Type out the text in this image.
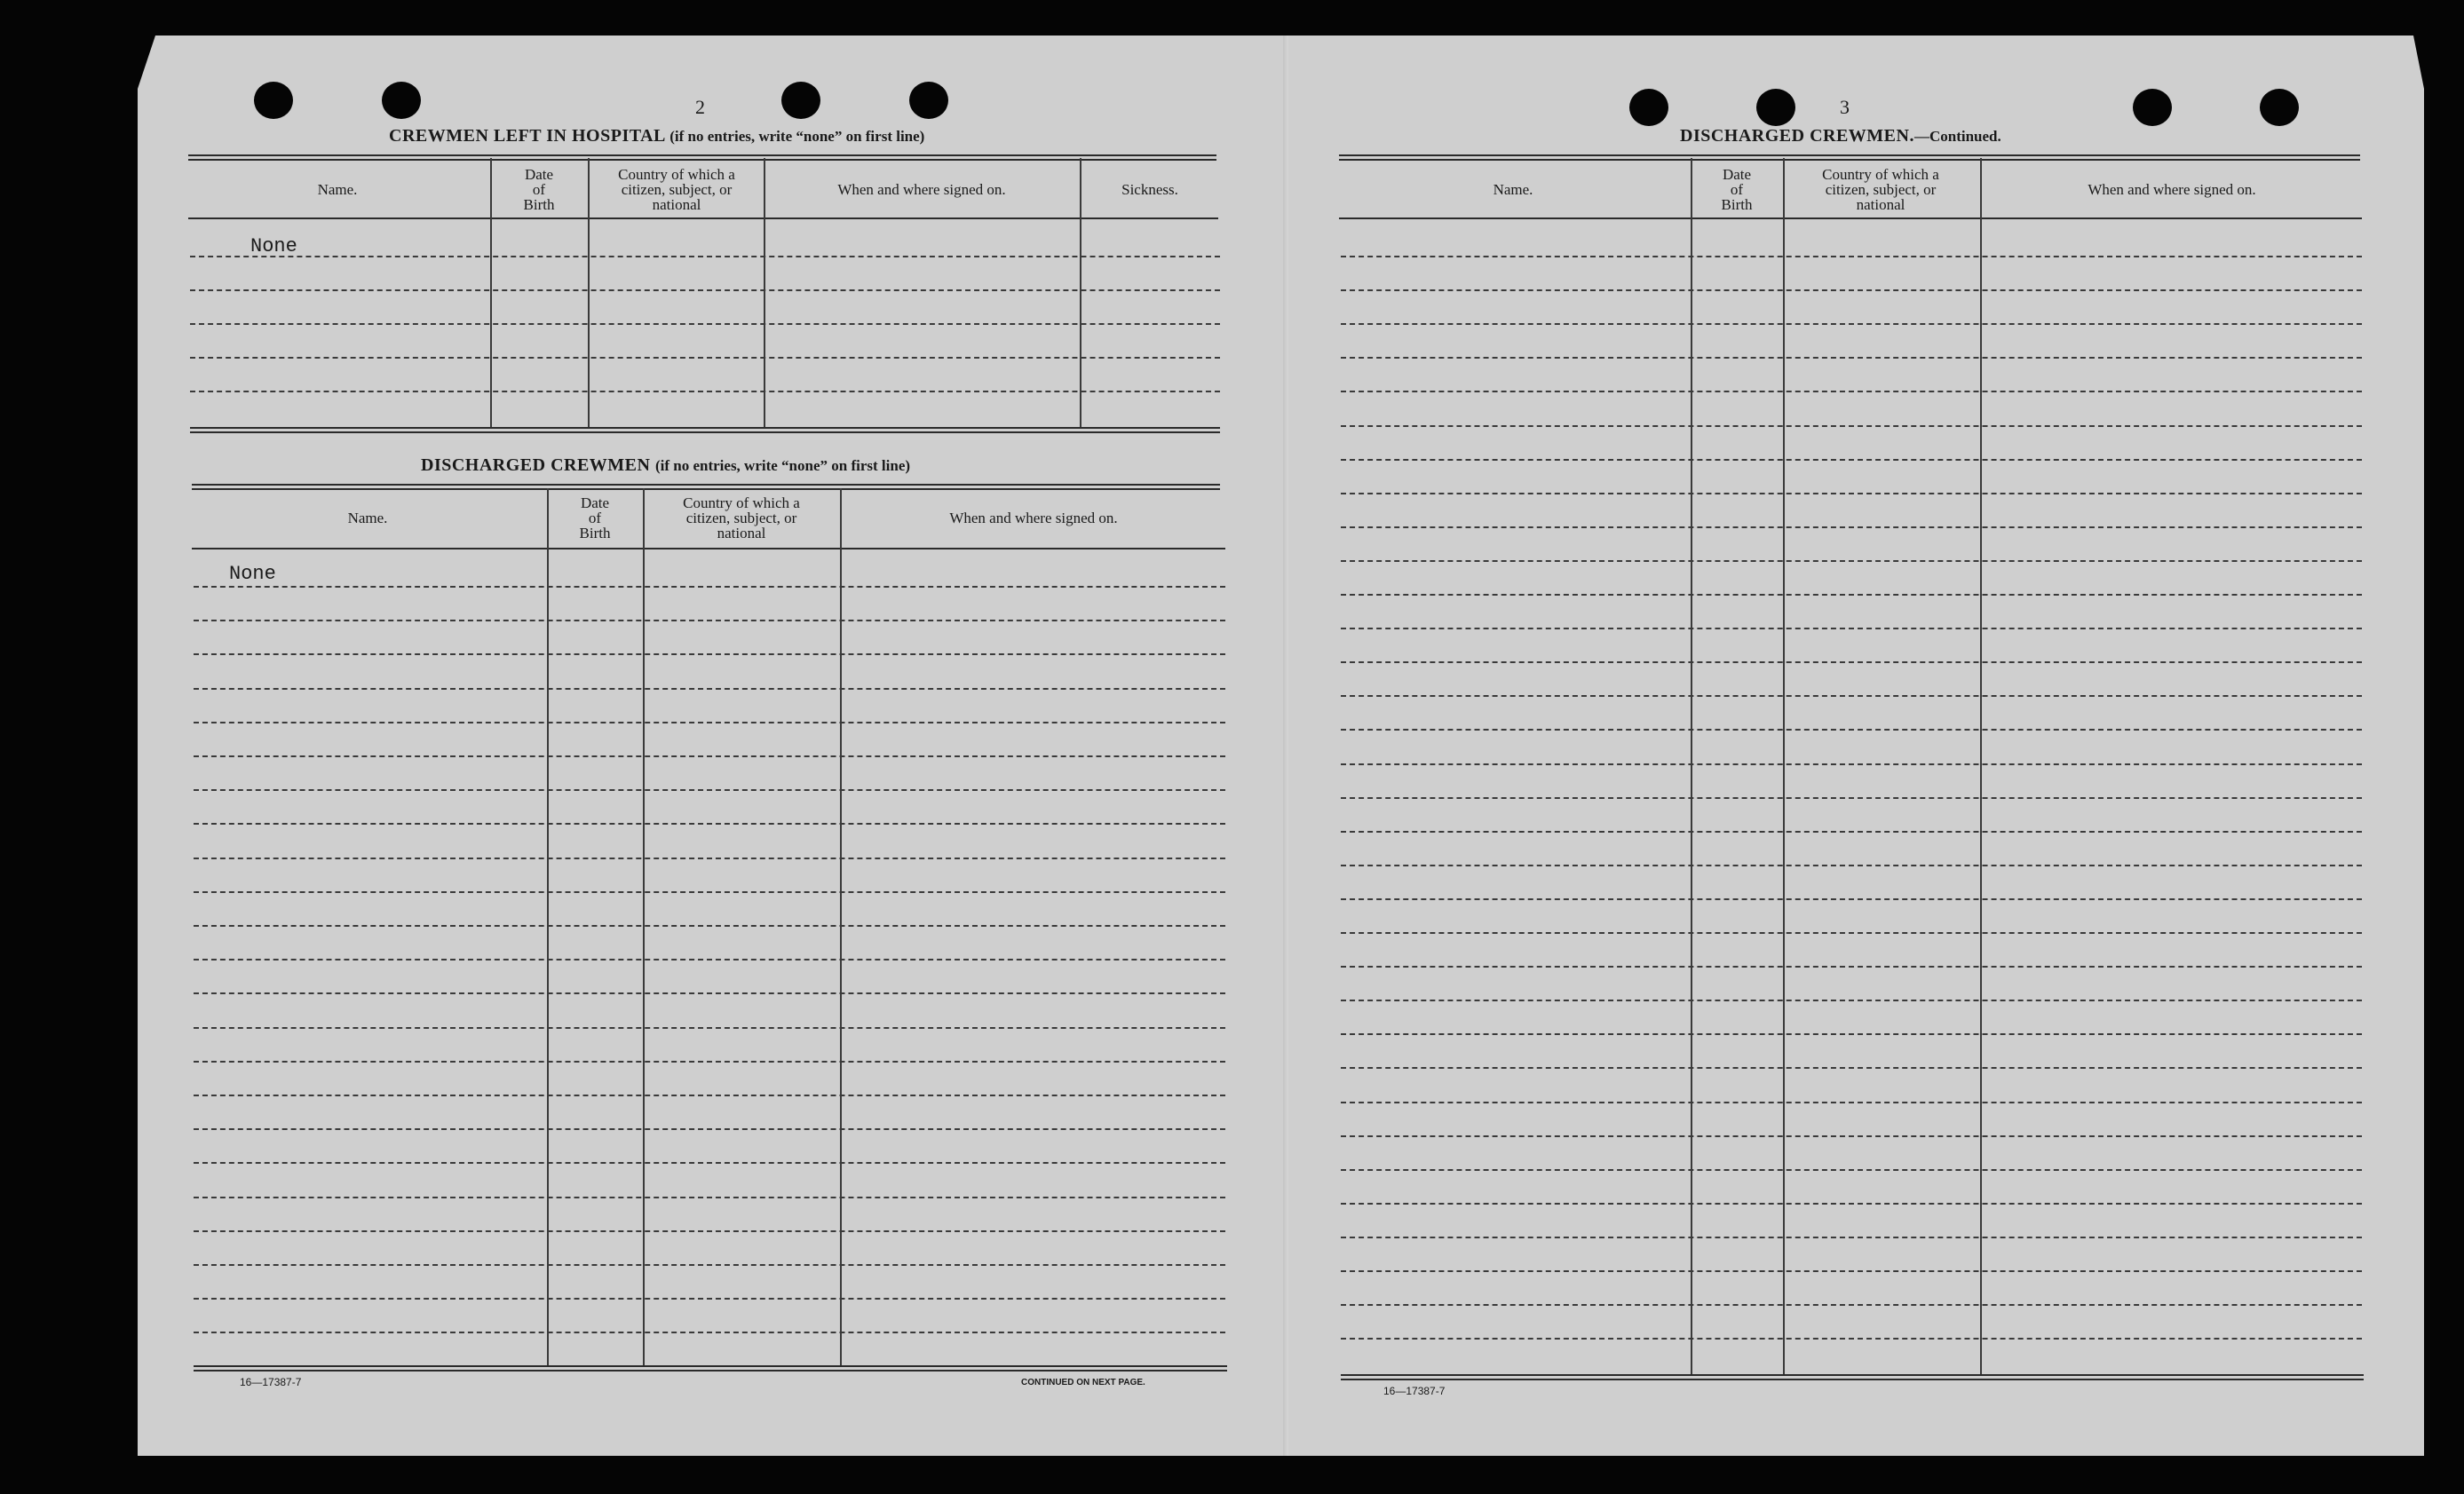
2
CREWMEN LEFT IN HOSPITAL (if no entries, write “none” on first line)
Name.
Date
of
Birth
Country of which a
citizen, subject, or
national
When and where signed on.	Sickness.
None
DISCHARGED CREWMEN (if no entries, write “none” on first line)
Name.
Date
of
Birth
Country of which a
citizen, subject, or
national
When and where signed on.
None
16—17387-7	CONTINUED ON NEXT PAGE.
3
DISCHARGED CREWMEN.—Continued.
Name.
Date
of
Birth
Country of which a
citizen, subject, or
national
When and where signed on.
16—17387-7
